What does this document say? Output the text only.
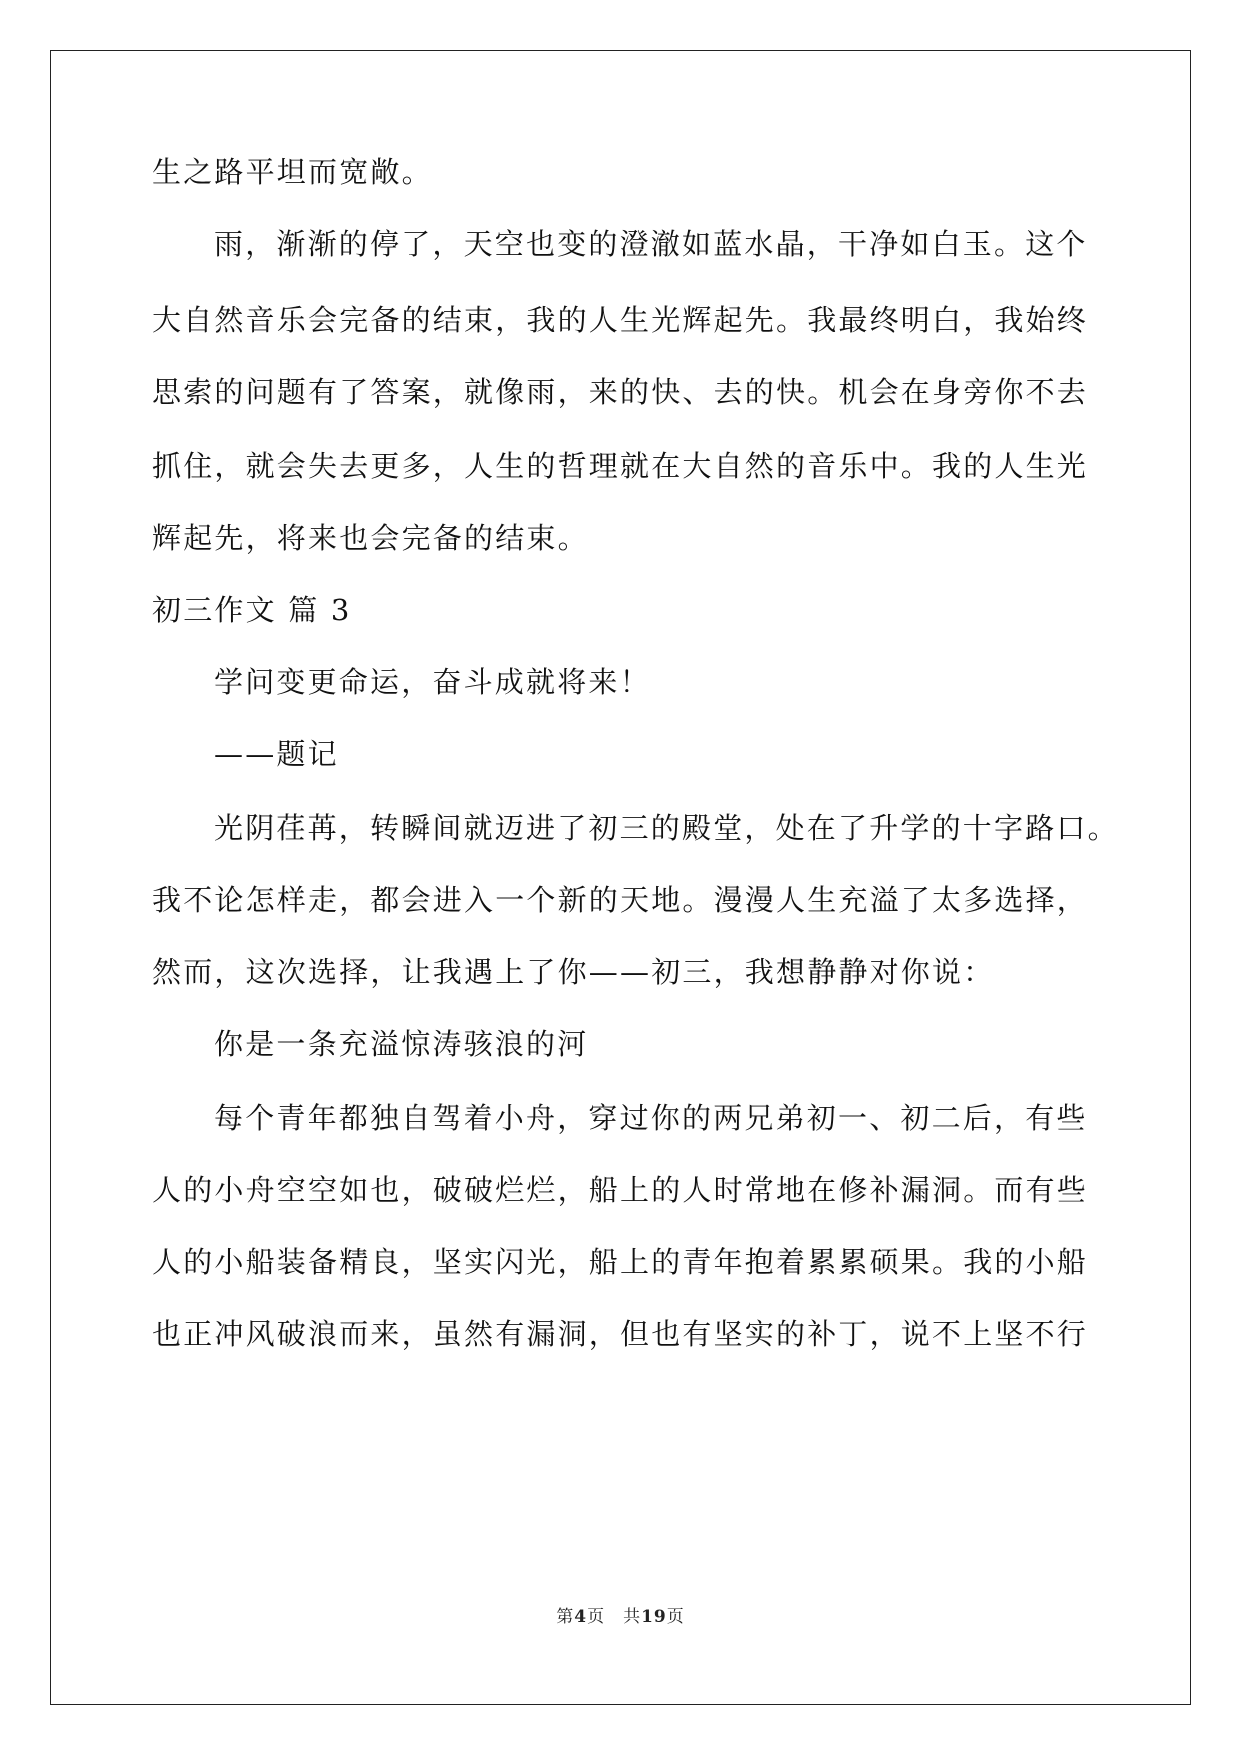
生之路平坦而宽敞。
雨，渐渐的停了，天空也变的澄澈如蓝水晶，干净如白玉。这个
大自然音乐会完备的结束，我的人生光辉起先。我最终明白，我始终
思索的问题有了答案，就像雨，来的快、去的快。机会在身旁你不去
抓住，就会失去更多，人生的哲理就在大自然的音乐中。我的人生光
辉起先，将来也会完备的结束。
初三作文 篇 3
学问变更命运，奋斗成就将来！
——题记
光阴荏苒，转瞬间就迈进了初三的殿堂，处在了升学的十字路口。
我不论怎样走，都会进入一个新的天地。漫漫人生充溢了太多选择，
然而，这次选择，让我遇上了你——初三，我想静静对你说：
你是一条充溢惊涛骇浪的河
每个青年都独自驾着小舟，穿过你的两兄弟初一、初二后，有些
人的小舟空空如也，破破烂烂，船上的人时常地在修补漏洞。而有些
人的小船装备精良，坚实闪光，船上的青年抱着累累硕果。我的小船
也正冲风破浪而来，虽然有漏洞，但也有坚实的补丁，说不上坚不行
第4页 共19页
